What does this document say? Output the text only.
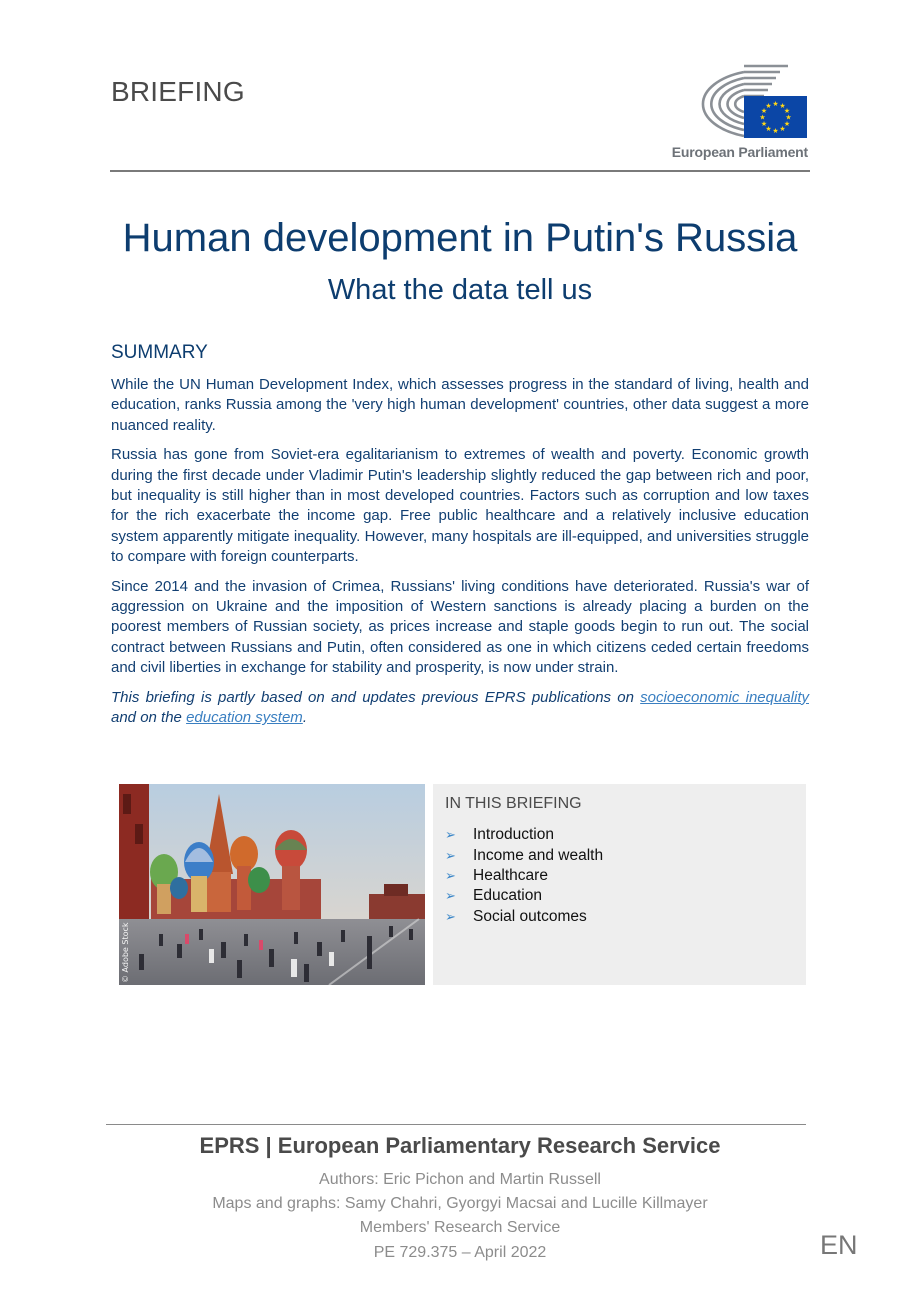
BRIEFING	★ ★
★
★
★
★
★
★
★
★
★
★
European Parliament
Human development in Putin's Russia
What the data tell us
SUMMARY

While the UN Human Development Index, which assesses progress in the standard of living, health and education, ranks Russia among the 'very high human development' countries, other data suggest a more nuanced reality.

Russia has gone from Soviet-era egalitarianism to extremes of wealth and poverty. Economic growth during the first decade under Vladimir Putin's leadership slightly reduced the gap between rich and poor, but inequality is still higher than in most developed countries. Factors such as corruption and low taxes for the rich exacerbate the income gap. Free public healthcare and a relatively inclusive education system apparently mitigate inequality. However, many hospitals are ill-equipped, and universities struggle to compare with foreign counterparts.

Since 2014 and the invasion of Crimea, Russians' living conditions have deteriorated. Russia's war of aggression on Ukraine and the imposition of Western sanctions is already placing a burden on the poorest members of Russian society, as prices increase and staple goods begin to run out. The social contract between Russians and Putin, often considered as one in which citizens ceded certain freedoms and civil liberties in exchange for stability and prosperity, is now under strain.

This briefing is partly based on and updates previous EPRS publications on socioeconomic inequality and on the education system.

© Adobe Stock
IN THIS BRIEFING
➢	Introduction
➢	Income and wealth
➢	Healthcare
➢	Education
➢	Social outcomes
EPRS | European Parliamentary Research Service
Authors: Eric Pichon and Martin Russell
Maps and graphs: Samy Chahri, Gyorgyi Macsai and Lucille Killmayer
Members' Research Service
PE 729.375 – April 2022	EN
